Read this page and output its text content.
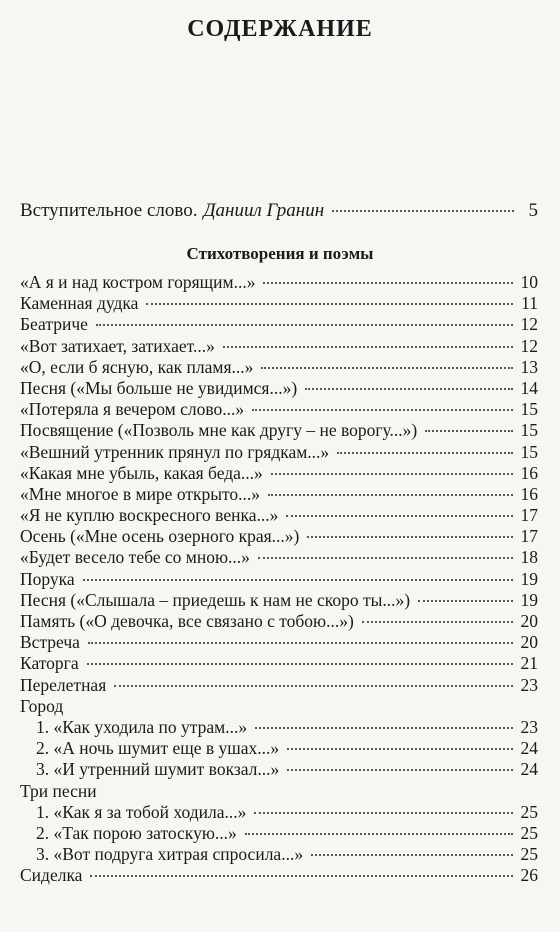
СОДЕРЖАНИЕ
Вступительное слово. Даниил Гранин	5
Стихотворения и поэмы
«А я и над костром горящим...»	10
Каменная дудка	11
Беатриче	12
«Вот затихает, затихает...»	12
«О, если б ясную, как пламя...»	13
Песня («Мы больше не увидимся...»)	14
«Потеряла я вечером слово...»	15
Посвящение («Позволь мне как другу – не ворогу...»)	15
«Вешний утренник прянул по грядкам...»	15
«Какая мне убыль, какая беда...»	16
«Мне многое в мире открыто...»	16
«Я не куплю воскресного венка...»	17
Осень («Мне осень озерного края...»)	17
«Будет весело тебе со мною...»	18
Порука	19
Песня («Слышала – приедешь к нам не скоро ты...»)	19
Память («О девочка, все связано с тобою...»)	20
Встреча	20
Каторга	21
Перелетная	23
Город
1. «Как уходила по утрам...»	23
2. «А ночь шумит еще в ушах...»	24
3. «И утренний шумит вокзал...»	24
Три песни
1. «Как я за тобой ходила...»	25
2. «Так порою затоскую...»	25
3. «Вот подруга хитрая спросила...»	25
Сиделка	26
